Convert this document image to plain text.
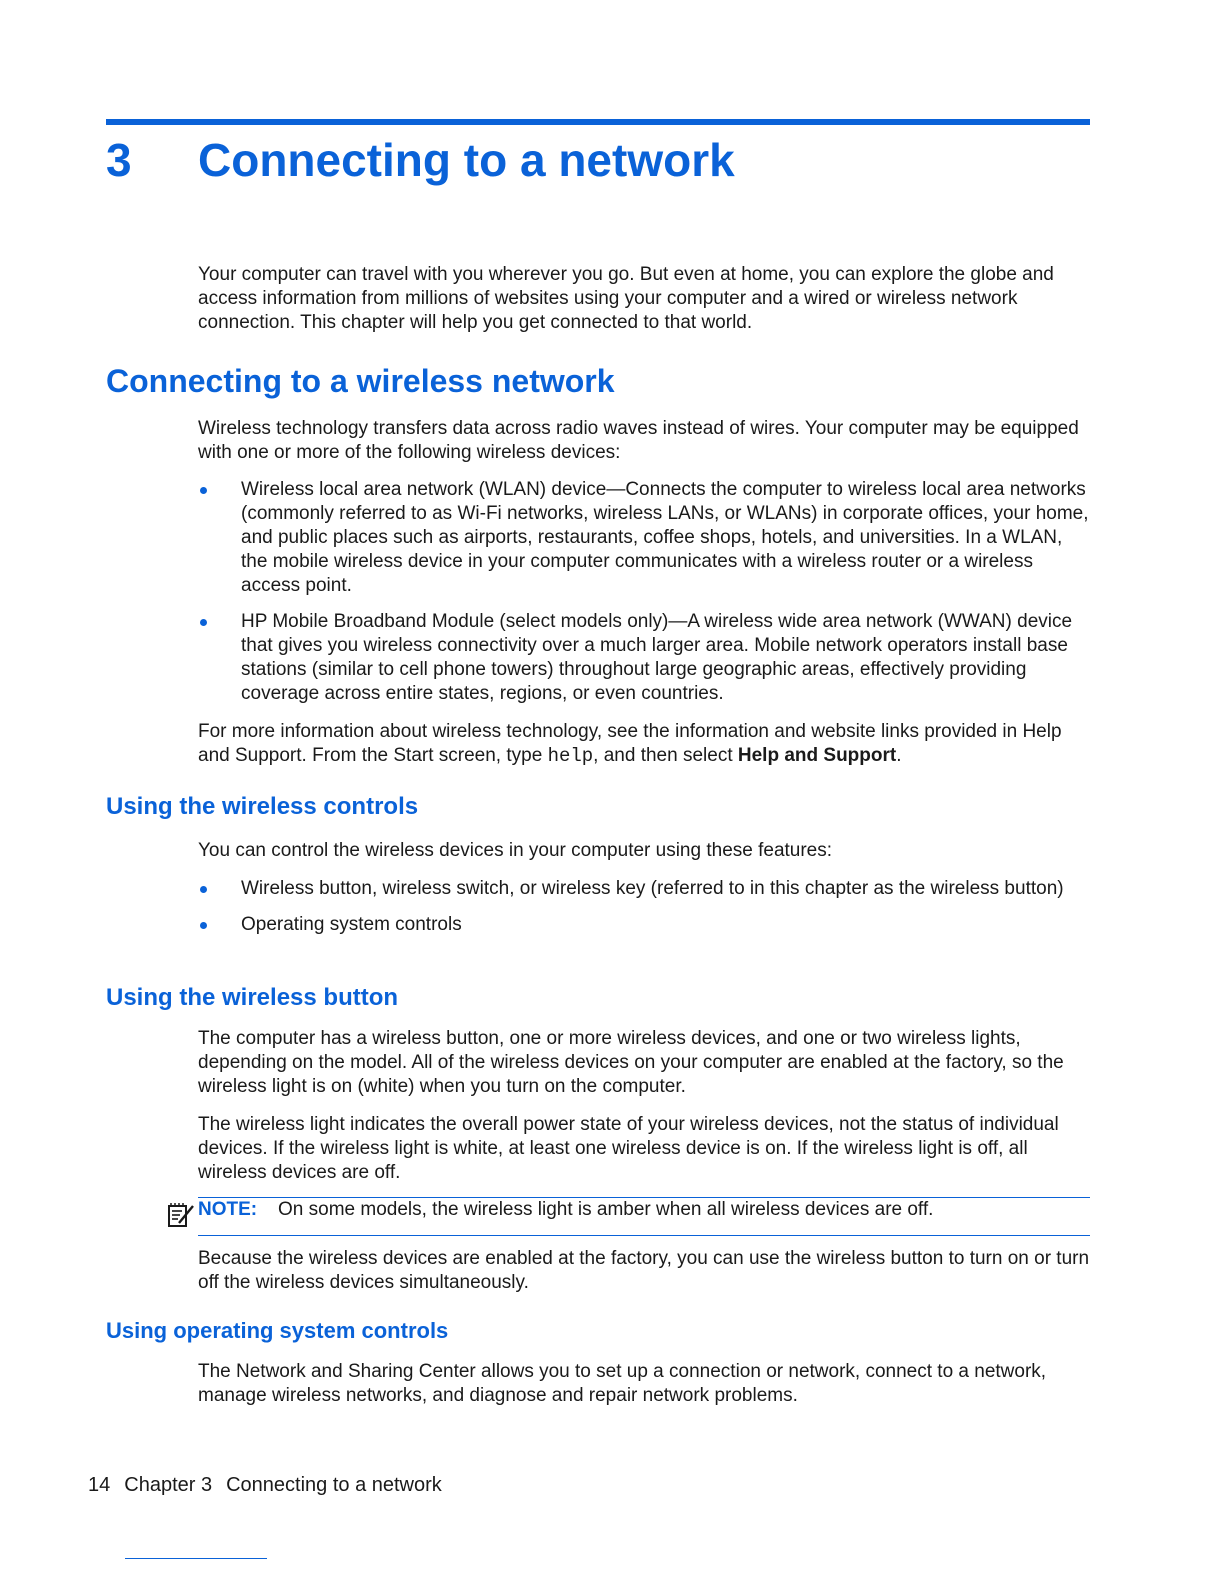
3 Connecting to a network

Your computer can travel with you wherever you go. But even at home, you can explore the globe and access information from millions of websites using your computer and a wired or wireless network connection. This chapter will help you get connected to that world.

Connecting to a wireless network

Wireless technology transfers data across radio waves instead of wires. Your computer may be equipped with one or more of the following wireless devices:

Wireless local area network (WLAN) device—Connects the computer to wireless local area networks (commonly referred to as Wi-Fi networks, wireless LANs, or WLANs) in corporate offices, your home, and public places such as airports, restaurants, coffee shops, hotels, and universities. In a WLAN, the mobile wireless device in your computer communicates with a wireless router or a wireless access point.
HP Mobile Broadband Module (select models only)—A wireless wide area network (WWAN) device that gives you wireless connectivity over a much larger area. Mobile network operators install base stations (similar to cell phone towers) throughout large geographic areas, effectively providing coverage across entire states, regions, or even countries.

For more information about wireless technology, see the information and website links provided in Help and Support. From the Start screen, type help, and then select Help and Support.

Using the wireless controls

You can control the wireless devices in your computer using these features:

Wireless button, wireless switch, or wireless key (referred to in this chapter as the wireless button)
Operating system controls
Using the wireless button

The computer has a wireless button, one or more wireless devices, and one or two wireless lights, depending on the model. All of the wireless devices on your computer are enabled at the factory, so the wireless light is on (white) when you turn on the computer.

The wireless light indicates the overall power state of your wireless devices, not the status of individual devices. If the wireless light is white, at least one wireless device is on. If the wireless light is off, all wireless devices are off.

NOTE: On some models, the wireless light is amber when all wireless devices are off.

Because the wireless devices are enabled at the factory, you can use the wireless button to turn on or turn off the wireless devices simultaneously.

Using operating system controls

The Network and Sharing Center allows you to set up a connection or network, connect to a network, manage wireless networks, and diagnose and repair network problems.

14 Chapter 3 Connecting to a network
